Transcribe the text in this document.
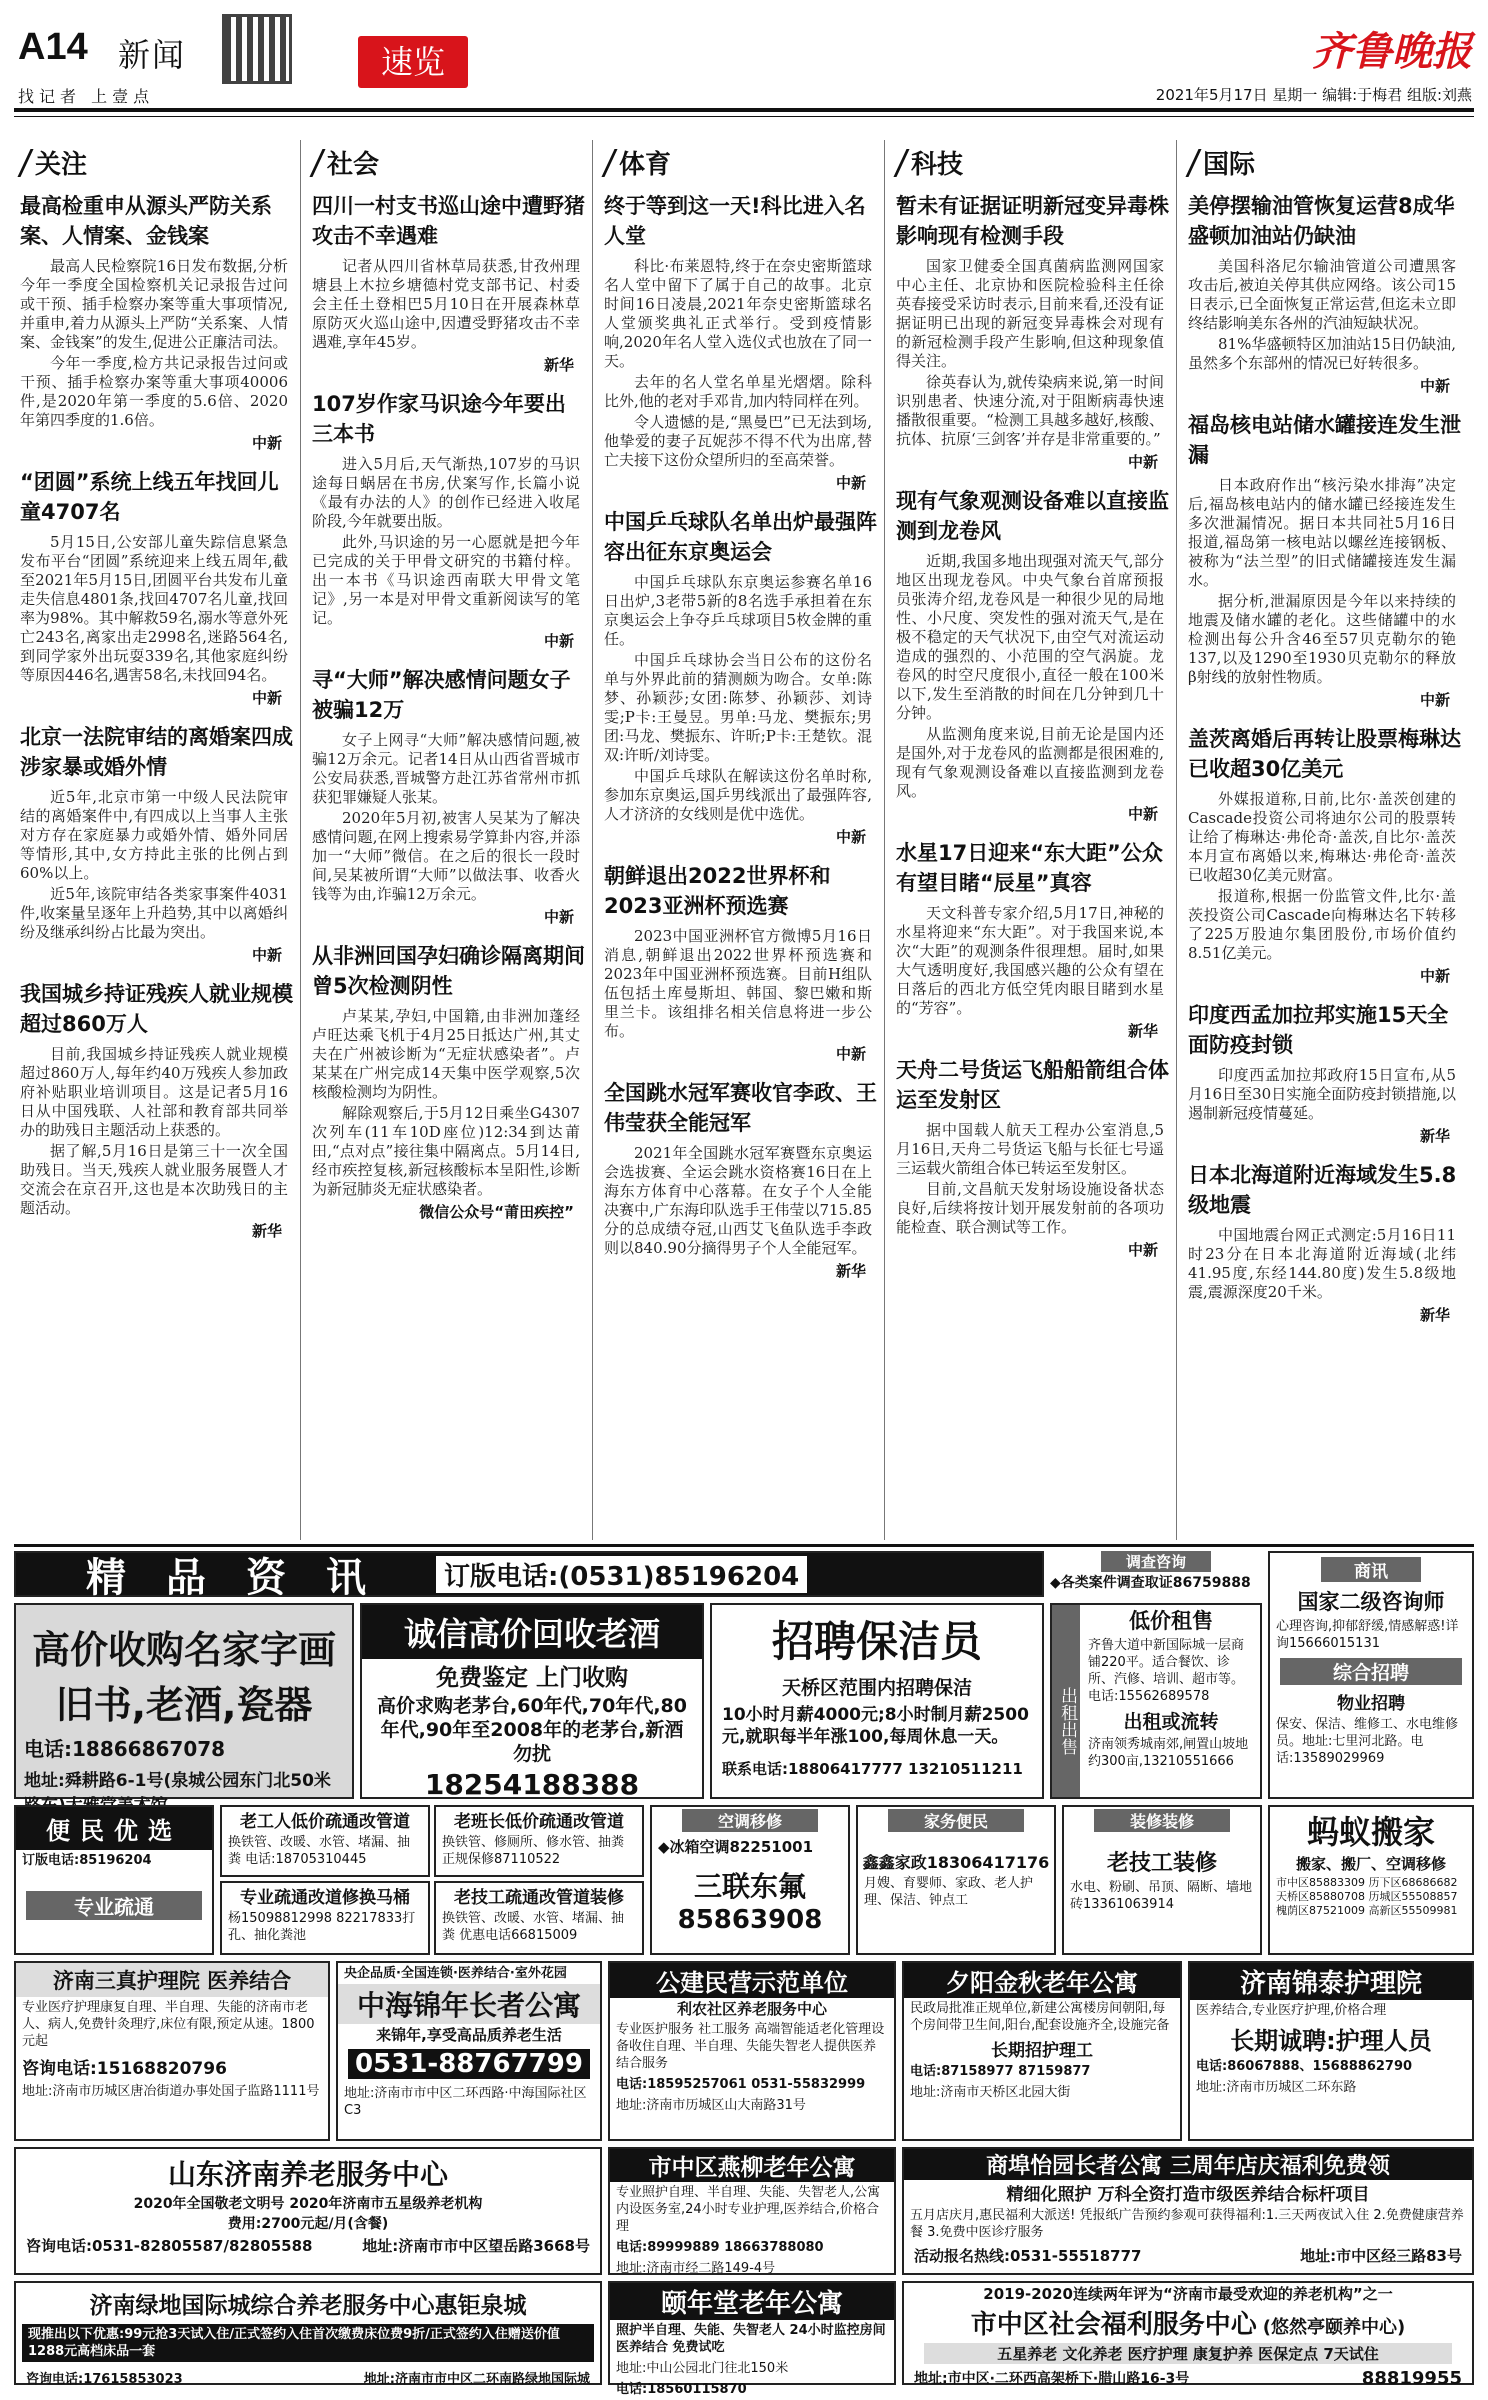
A14 新闻
找记者 上壹点
速览	齐鲁晚报
2021年5月17日 星期一 编辑:于梅君 组版:刘燕
关注
最高检重申从源头严防关系案、人情案、金钱案

最高人民检察院16日发布数据,分析今年一季度全国检察机关记录报告过问或干预、插手检察办案等重大事项情况,并重申,着力从源头上严防“关系案、人情案、金钱案”的发生,促进公正廉洁司法。

今年一季度,检方共记录报告过问或干预、插手检察办案等重大事项40006件,是2020年第一季度的5.6倍、2020年第四季度的1.6倍。

中新
“团圆”系统上线五年找回儿童4707名

5月15日,公安部儿童失踪信息紧急发布平台“团圆”系统迎来上线五周年,截至2021年5月15日,团圆平台共发布儿童走失信息4801条,找回4707名儿童,找回率为98%。其中解救59名,溺水等意外死亡243名,离家出走2998名,迷路564名,到同学家外出玩耍339名,其他家庭纠纷等原因446名,遇害58名,未找回94名。

中新
北京一法院审结的离婚案四成涉家暴或婚外情

近5年,北京市第一中级人民法院审结的离婚案件中,有四成以上当事人主张对方存在家庭暴力或婚外情、婚外同居等情形,其中,女方持此主张的比例占到60%以上。

近5年,该院审结各类家事案件4031件,收案量呈逐年上升趋势,其中以离婚纠纷及继承纠纷占比最为突出。

中新
我国城乡持证残疾人就业规模超过860万人

目前,我国城乡持证残疾人就业规模超过860万人,每年约40万残疾人参加政府补贴职业培训项目。这是记者5月16日从中国残联、人社部和教育部共同举办的助残日主题活动上获悉的。

据了解,5月16日是第三十一次全国助残日。当天,残疾人就业服务展暨人才交流会在京召开,这也是本次助残日的主题活动。

新华
社会
四川一村支书巡山途中遭野猪攻击不幸遇难

记者从四川省林草局获悉,甘孜州理塘县上木拉乡塘德村党支部书记、村委会主任土登相巴5月10日在开展森林草原防灭火巡山途中,因遭受野猪攻击不幸遇难,享年45岁。

新华
107岁作家马识途今年要出三本书

进入5月后,天气渐热,107岁的马识途每日蜗居在书房,伏案写作,长篇小说《最有办法的人》的创作已经进入收尾阶段,今年就要出版。

此外,马识途的另一心愿就是把今年已完成的关于甲骨文研究的书籍付梓。出一本书《马识途西南联大甲骨文笔记》,另一本是对甲骨文重新阅读写的笔记。

中新
寻“大师”解决感情问题女子被骗12万

女子上网寻“大师”解决感情问题,被骗12万余元。记者14日从山西省晋城市公安局获悉,晋城警方赴江苏省常州市抓获犯罪嫌疑人张某。

2020年5月初,被害人吴某为了解决感情问题,在网上搜索易学算卦内容,并添加一“大师”微信。在之后的很长一段时间,吴某被所谓“大师”以做法事、收香火钱等为由,诈骗12万余元。

中新
从非洲回国孕妇确诊隔离期间曾5次检测阴性

卢某某,孕妇,中国籍,由非洲加蓬经卢旺达乘飞机于4月25日抵达广州,其丈夫在广州被诊断为“无症状感染者”。卢某某在广州完成14天集中医学观察,5次核酸检测均为阴性。

解除观察后,于5月12日乘坐G4307次列车(11车10D座位)12:34到达莆田,“点对点”接往集中隔离点。5月14日,经市疾控复核,新冠核酸标本呈阳性,诊断为新冠肺炎无症状感染者。

微信公众号“莆田疾控”
体育
终于等到这一天!科比进入名人堂

科比·布莱恩特,终于在奈史密斯篮球名人堂中留下了属于自己的故事。北京时间16日凌晨,2021年奈史密斯篮球名人堂颁奖典礼正式举行。受到疫情影响,2020年名人堂入选仪式也放在了同一天。

去年的名人堂名单星光熠熠。除科比外,他的老对手邓肯,加内特同样在列。

令人遗憾的是,“黑曼巴”已无法到场,他挚爱的妻子瓦妮莎不得不代为出席,替亡夫接下这份众望所归的至高荣誉。

中新
中国乒乓球队名单出炉最强阵容出征东京奥运会

中国乒乓球队东京奥运参赛名单16日出炉,3老带5新的8名选手承担着在东京奥运会上争夺乒乓球项目5枚金牌的重任。

中国乒乓球协会当日公布的这份名单与外界此前的猜测颇为吻合。女单:陈梦、孙颖莎;女团:陈梦、孙颖莎、刘诗雯;P卡:王曼昱。男单:马龙、樊振东;男团:马龙、樊振东、许昕;P卡:王楚钦。混双:许昕/刘诗雯。

中国乒乓球队在解读这份名单时称,参加东京奥运,国乒男线派出了最强阵容,人才济济的女线则是优中选优。

中新
朝鲜退出2022世界杯和2023亚洲杯预选赛

2023中国亚洲杯官方微博5月16日消息,朝鲜退出2022世界杯预选赛和2023年中国亚洲杯预选赛。目前H组队伍包括土库曼斯坦、韩国、黎巴嫩和斯里兰卡。该组排名相关信息将进一步公布。

中新
全国跳水冠军赛收官李政、王伟莹获全能冠军

2021年全国跳水冠军赛暨东京奥运会选拔赛、全运会跳水资格赛16日在上海东方体育中心落幕。在女子个人全能决赛中,广东海印队选手王伟莹以715.85分的总成绩夺冠,山西艾飞鱼队选手李政则以840.90分摘得男子个人全能冠军。

新华
科技
暂未有证据证明新冠变异毒株影响现有检测手段

国家卫健委全国真菌病监测网国家中心主任、北京协和医院检验科主任徐英春接受采访时表示,目前来看,还没有证据证明已出现的新冠变异毒株会对现有的新冠检测手段产生影响,但这种现象值得关注。

徐英春认为,就传染病来说,第一时间识别患者、快速分流,对于阻断病毒快速播散很重要。“检测工具越多越好,核酸、抗体、抗原‘三剑客’并存是非常重要的。”

中新
现有气象观测设备难以直接监测到龙卷风

近期,我国多地出现强对流天气,部分地区出现龙卷风。中央气象台首席预报员张涛介绍,龙卷风是一种很少见的局地性、小尺度、突发性的强对流天气,是在极不稳定的天气状况下,由空气对流运动造成的强烈的、小范围的空气涡旋。龙卷风的时空尺度很小,直径一般在100米以下,发生至消散的时间在几分钟到几十分钟。

从监测角度来说,目前无论是国内还是国外,对于龙卷风的监测都是很困难的,现有气象观测设备难以直接监测到龙卷风。

中新
水星17日迎来“东大距”公众有望目睹“辰星”真容

天文科普专家介绍,5月17日,神秘的水星将迎来“东大距”。对于我国来说,本次“大距”的观测条件很理想。届时,如果大气透明度好,我国感兴趣的公众有望在日落后的西北方低空凭肉眼目睹到水星的“芳容”。

新华
天舟二号货运飞船船箭组合体运至发射区

据中国载人航天工程办公室消息,5月16日,天舟二号货运飞船与长征七号遥三运载火箭组合体已转运至发射区。

目前,文昌航天发射场设施设备状态良好,后续将按计划开展发射前的各项功能检查、联合测试等工作。

中新
国际
美停摆输油管恢复运营8成华盛顿加油站仍缺油

美国科洛尼尔输油管道公司遭黑客攻击后,被迫关停其供应网络。该公司15日表示,已全面恢复正常运营,但迄未立即终结影响美东各州的汽油短缺状况。

81%华盛顿特区加油站15日仍缺油,虽然多个东部州的情况已好转很多。

中新
福岛核电站储水罐接连发生泄漏

日本政府作出“核污染水排海”决定后,福岛核电站内的储水罐已经接连发生多次泄漏情况。据日本共同社5月16日报道,福岛第一核电站以螺丝连接钢板、被称为“法兰型”的旧式储罐接连发生漏水。

据分析,泄漏原因是今年以来持续的地震及储水罐的老化。这些储罐中的水检测出每公升含46至57贝克勒尔的铯137,以及1290至1930贝克勒尔的释放β射线的放射性物质。

中新
盖茨离婚后再转让股票梅琳达已收超30亿美元

外媒报道称,日前,比尔·盖茨创建的Cascade投资公司将迪尔公司的股票转让给了梅琳达·弗伦奇·盖茨,自比尔·盖茨本月宣布离婚以来,梅琳达·弗伦奇·盖茨已收超30亿美元财富。

报道称,根据一份监管文件,比尔·盖茨投资公司Cascade向梅琳达名下转移了225万股迪尔集团股份,市场价值约8.51亿美元。

中新
印度西孟加拉邦实施15天全面防疫封锁

印度西孟加拉邦政府15日宣布,从5月16日至30日实施全面防疫封锁措施,以遏制新冠疫情蔓延。

新华
日本北海道附近海域发生5.8级地震

中国地震台网正式测定:5月16日11时23分在日本北海道附近海域(北纬41.95度,东经144.80度)发生5.8级地震,震源深度20千米。

新华
精品资讯	订版电话:(0531)85196204
高价收购名家字画
旧书,老酒,瓷器
电话:18866867078
地址:舜耕路6-1号(泉城公园东门北50米
诚信高价回收老酒
免费鉴定 上门收购
高价求购老茅台,60年代,70年代,80年代,90年至2008年的老茅台,新酒勿扰
18254188388
招聘保洁员
天桥区范围内招聘保洁
10小时月薪4000元;8小时制月薪2500元,就职每半年涨100,每周休息一天。
联系电话:18806417777 13210511211
出租出售
低价租售
齐鲁大道中新国际城一层商铺220平。适合餐饮、诊所、汽修、培训、超市等。电话:15562689578
出租或流转
济南领秀城南郊,闸置山坡地约300亩,13210551666
调查咨询
◆各类案件调查取证86759888
商讯
国家二级咨询师
心理咨询,抑郁舒缓,情感解惑!详询15666015131
综合招聘
物业招聘
保安、保洁、维修工、水电维修员。地址:七里河北路。电话:13589029969
便民优选
订版电话:85196204
专业疏通
老工人低价疏通改管道
换铁管、改暖、水管、堵漏、抽粪 电话:18705310445
老班长低价疏通改管道
换铁管、修厕所、修水管、抽粪正规保修87110522
专业疏通改道修换马桶
杨15098812998 82217833打孔、抽化粪池
老技工疏通改管道装修
换铁管、改暖、水管、堵漏、抽粪 优惠电话66815009
空调移修
◆冰箱空调82251001
三联东氟
85863908
家务便民
鑫鑫家政18306417176
月嫂、育婴师、家政、老人护理、保洁、钟点工
装修装修
老技工装修
水电、粉刷、吊顶、隔断、墙地砖13361063914
蚂蚁搬家
搬家、搬厂、空调移修
市中区85883309 历下区68686682 天桥区85880708 历城区55508857 槐荫区87521009 高新区55509981
济南三真护理院 医养结合
专业医疗护理康复自理、半自理、失能的济南市老人、病人,免费针灸理疗,床位有限,预定从速。1800元起
咨询电话:15168820796
地址:济南市历城区唐冶街道办事处国子监路1111号
央企品质·全国连锁·医养结合·室外花园
中海锦年长者公寓
来锦年,享受高品质养老生活
0531-88767799
地址:济南市市中区二环西路·中海国际社区C3
公建民营示范单位
利农社区养老服务中心
专业医护服务 社工服务 高端智能适老化管理设备收住自理、半自理、失能失智老人提供医养结合服务
电话:18595257061 0531-55832999
地址:济南市历城区山大南路31号
夕阳金秋老年公寓
民政局批准正规单位,新建公寓楼房间朝阳,每个房间带卫生间,阳台,配套设施齐全,设施完备
长期招护理工
电话:87158977 87159877
地址:济南市天桥区北园大街
济南锦泰护理院
医养结合,专业医疗护理,价格合理
长期诚聘:护理人员
电话:86067888、15688862790
地址:济南市历城区二环东路
山东济南养老服务中心
2020年全国敬老文明号 2020年济南市五星级养老机构
费用:2700元起/月(含餐)
咨询电话:0531-82805587/82805588	地址:济南市市中区望岳路3668号
市中区燕柳老年公寓
专业照护自理、半自理、失能、失智老人,公寓内设医务室,24小时专业护理,医养结合,价格合理
电话:89999889 18663788080
地址:济南市经二路149-4号
商埠怡园长者公寓 三周年店庆福利免费领
精细化照护 万科全资打造市级医养结合标杆项目
五月店庆月,惠民福利大派送! 凭报纸广告预约参观可获得福利:1.三天两夜试入住 2.免费健康营养餐 3.免费中医诊疗服务
活动报名热线:0531-55518777	地址:市中区经三路83号
济南绿地国际城综合养老服务中心惠钜泉城
现推出以下优惠:99元抢3天试入住/正式签约入住首次缴费床位费9折/正式签约入住赠送价值1288元高档床品一套
咨询电话:17615853023	地址:济南市市中区二环南路绿地国际城
颐年堂老年公寓
照护半自理、失能、失智老人 24小时监控房间 医养结合 免费试吃
地址:中山公园北门往北150米
电话:18560115870
2019-2020连续两年评为“济南市最受欢迎的养老机构”之一
市中区社会福利服务中心 (悠然亭颐养中心)
五星养老 文化养老 医疗护理 康复护养 医保定点 7天试住
地址:市中区·二环西高架桥下·腊山路16-3号	88819955
